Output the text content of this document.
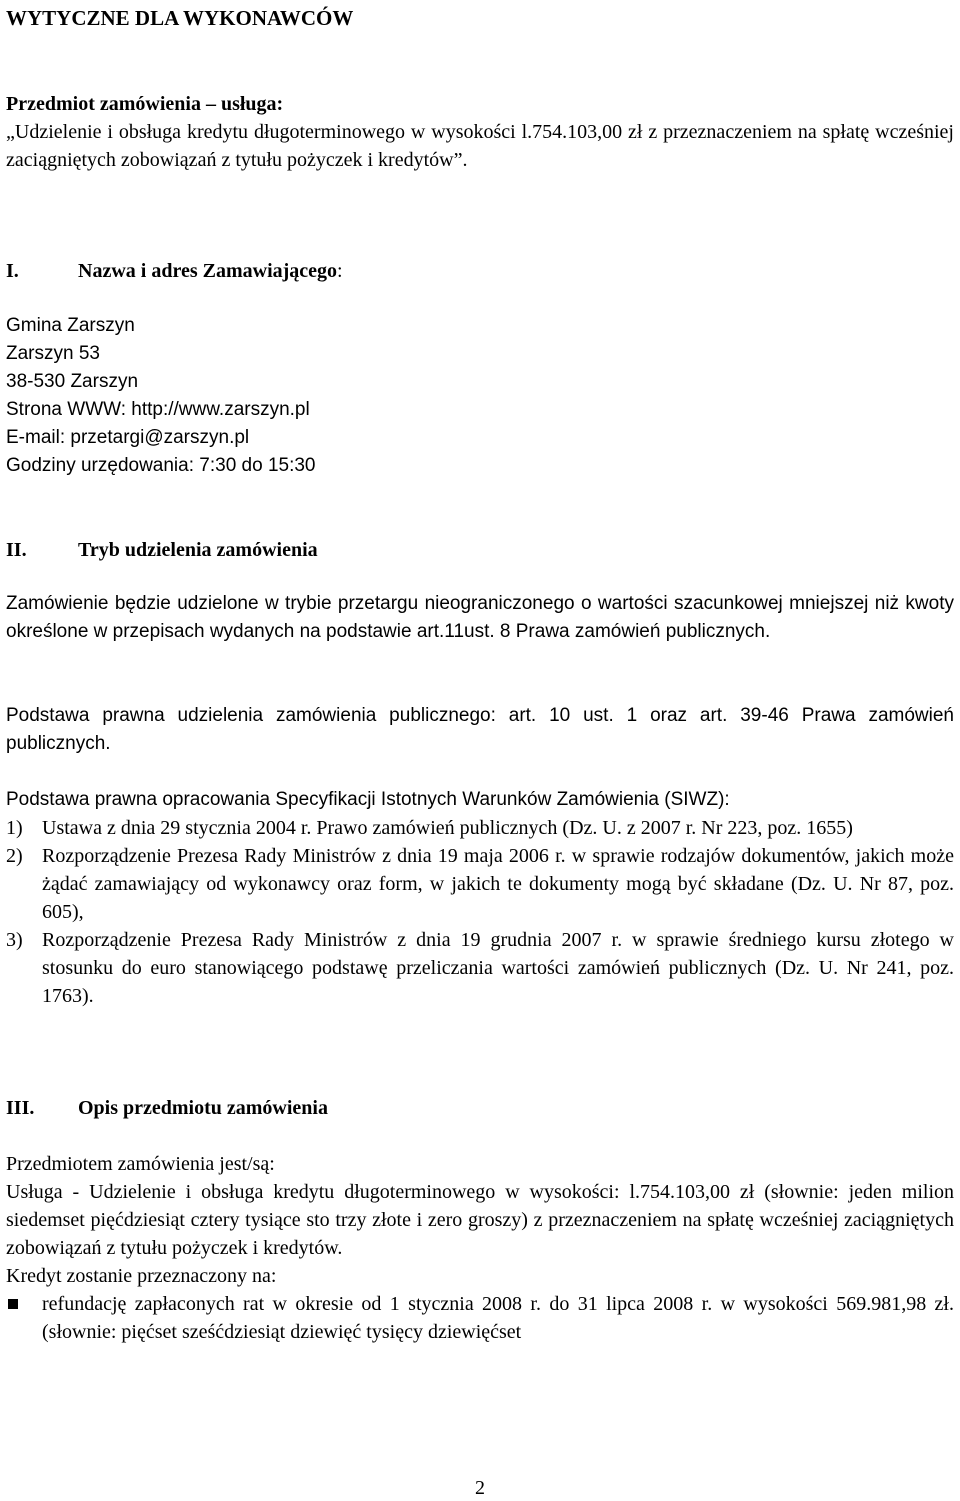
WYTYCZNE DLA WYKONAWCÓW
Przedmiot zamówienia – usługa:
„Udzielenie i obsługa kredytu długoterminowego w wysokości l.754.103,00 zł z przeznaczeniem na spłatę wcześniej zaciągniętych zobowiązań z tytułu pożyczek i kredytów”.
I.	Nazwa i adres Zamawiającego:
Gmina Zarszyn
Zarszyn 53
38-530 Zarszyn
Strona WWW: http://www.zarszyn.pl
E-mail: przetargi@zarszyn.pl
Godziny urzędowania: 7:30 do 15:30
II.	Tryb udzielenia zamówienia
Zamówienie będzie udzielone w trybie przetargu nieograniczonego o wartości szacunkowej mniejszej niż kwoty określone w przepisach wydanych na podstawie art.11ust. 8 Prawa zamówień publicznych.
Podstawa prawna udzielenia zamówienia publicznego: art. 10 ust. 1 oraz art. 39-46 Prawa zamówień publicznych.
Podstawa prawna opracowania Specyfikacji Istotnych Warunków Zamówienia (SIWZ):
1) Ustawa z dnia 29 stycznia 2004 r. Prawo zamówień publicznych (Dz. U. z 2007 r. Nr 223, poz. 1655)
2) Rozporządzenie Prezesa Rady Ministrów z dnia 19 maja 2006 r. w sprawie rodzajów dokumentów, jakich może żądać zamawiający od wykonawcy oraz form, w jakich te dokumenty mogą być składane (Dz. U. Nr 87, poz. 605),
3) Rozporządzenie Prezesa Rady Ministrów z dnia 19 grudnia 2007 r. w sprawie średniego kursu złotego w stosunku do euro stanowiącego podstawę przeliczania wartości zamówień publicznych (Dz. U. Nr 241, poz. 1763).
III. Opis przedmiotu zamówienia
Przedmiotem zamówienia jest/są:
Usługa - Udzielenie i obsługa kredytu długoterminowego w wysokości: l.754.103,00 zł (słownie: jeden milion siedemset pięćdziesiąt cztery tysiące sto trzy złote i zero groszy) z przeznaczeniem na spłatę wcześniej zaciągniętych zobowiązań z tytułu pożyczek i kredytów.
Kredyt zostanie przeznaczony na:
refundację zapłaconych rat w okresie od 1 stycznia 2008 r. do 31 lipca 2008 r. w wysokości 569.981,98 zł. (słownie: pięćset sześćdziesiąt dziewięć tysięcy dziewięćset
2
